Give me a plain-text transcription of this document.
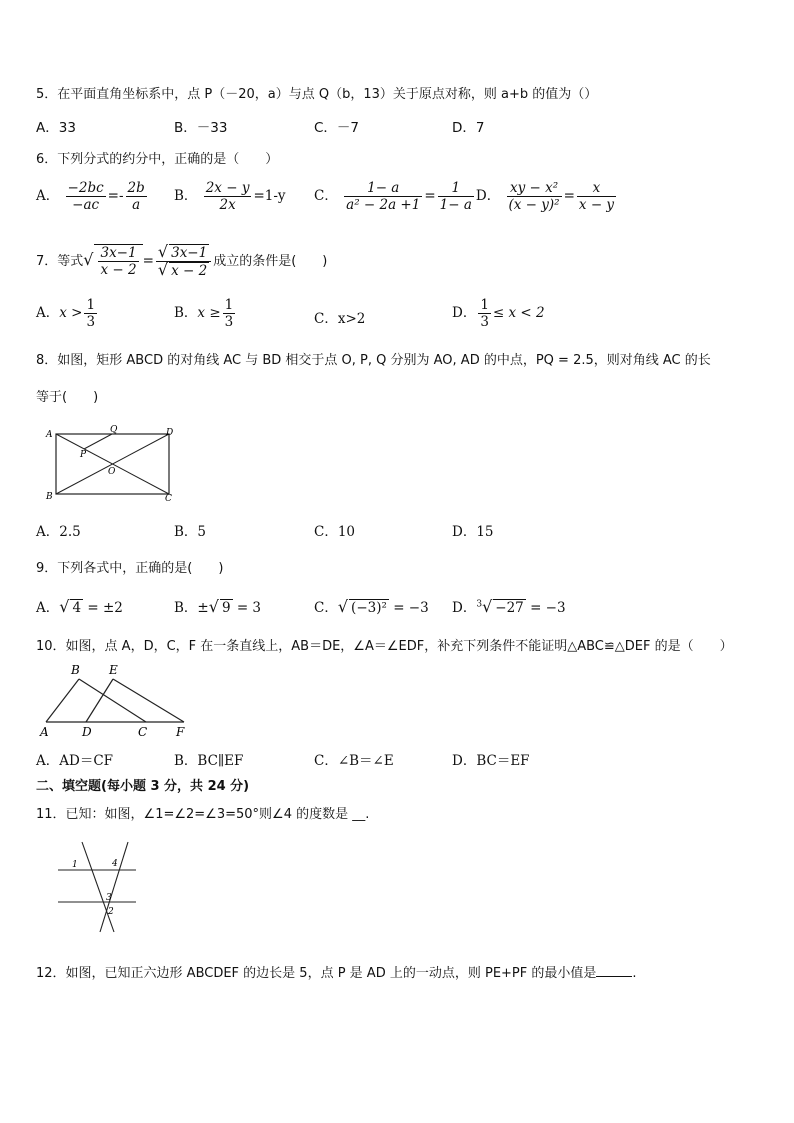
5．在平面直角坐标系中，点 P（－20，a）与点 Q（b，13）关于原点对称，则 a+b 的值为（）
A．33	B．－33	C．－7	D．7
6．下列分式的约分中，正确的是（　　）
A． $\frac{-2bc}{-ac} =- \frac{2b}{a}$ B． $\frac{2x - y}{2x} =1-y$ C． $\frac{1- a}{\text{a² − 2a +1}} = \frac{1}{1- a}$ D． $\frac{\text{xy − x²}}{\text{(x − y)²}} = \frac{x}{x - y}$
7．等式√ $\frac{3x-1}{x - 2} = \frac{√ 3x-1}{√ x - 2}$ 成立的条件是(　　)
A．$x > \frac{1}{3}$	B．$x \ge \frac{1}{3}$	C．x>2	D． $\frac{1}{3} \le x < 2$
8．如图，矩形 ABCD 的对角线 AC 与 BD 相交于点 O, P, Q 分别为 AO, AD 的中点，PQ = 2.5，则对角线 AC 的长
等于(　　)
A
B	C
D
O
P
Q
A．2.5	B．5	C．10	D．15
9．下列各式中，正确的是(　　)
A．√ 4 = ±2	B．±√ 9 = 3	C．√ (−3)² = −3 D．$^3$√ −27 = −3
10．如图，点 A，D，C，F 在一条直线上，AB＝DE，∠A＝∠EDF，补充下列条件不能证明△ABC≌△DEF 的是（　　）
A
B
C
D
E
F
A．AD＝CF	B．BC∥EF	C．∠B＝∠E	D．BC＝EF
二、填空题(每小题 3 分，共 24 分)
11．已知：如图，∠1=∠2=∠3=50°则∠4 的度数是 __.
1
2
3
4
12．如图，已知正六边形 ABCDEF 的边长是 5，点 P 是 AD 上的一动点，则 PE+PF 的最小值是	.
